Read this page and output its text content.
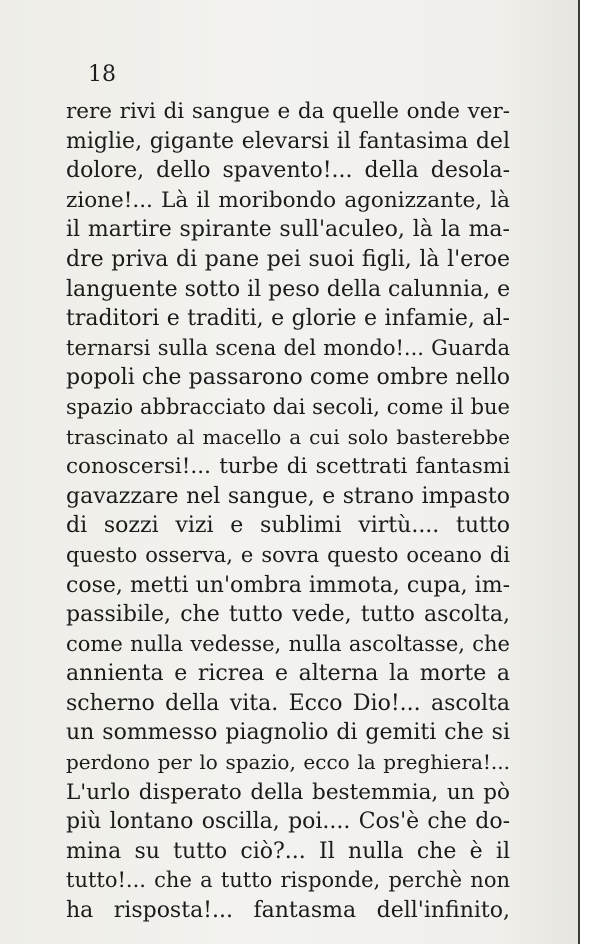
18
rere rivi di sangue e da quelle onde ver-
miglie, gigante elevarsi il fantasima del
dolore, dello spavento!... della desola-
zione!... Là il moribondo agonizzante, là
il martire spirante sull'aculeo, là la ma-
dre priva di pane pei suoi figli, là l'eroe
languente sotto il peso della calunnia, e
traditori e traditi, e glorie e infamie, al-
ternarsi sulla scena del mondo!... Guarda
popoli che passarono come ombre nello
spazio abbracciato dai secoli, come il bue
trascinato al macello a cui solo basterebbe
conoscersi!... turbe di scettrati fantasmi
gavazzare nel sangue, e strano impasto
di sozzi vizi e sublimi virtù.... tutto
questo osserva, e sovra questo oceano di
cose, metti un'ombra immota, cupa, im-
passibile, che tutto vede, tutto ascolta,
come nulla vedesse, nulla ascoltasse, che
annienta e ricrea e alterna la morte a
scherno della vita. Ecco Dio!... ascolta
un sommesso piagnolio di gemiti che si
perdono per lo spazio, ecco la preghiera!...
L'urlo disperato della bestemmia, un pò
più lontano oscilla, poi.... Cos'è che do-
mina su tutto ciò?... Il nulla che è il
tutto!... che a tutto risponde, perchè non
ha risposta!... fantasma dell'infinito,
